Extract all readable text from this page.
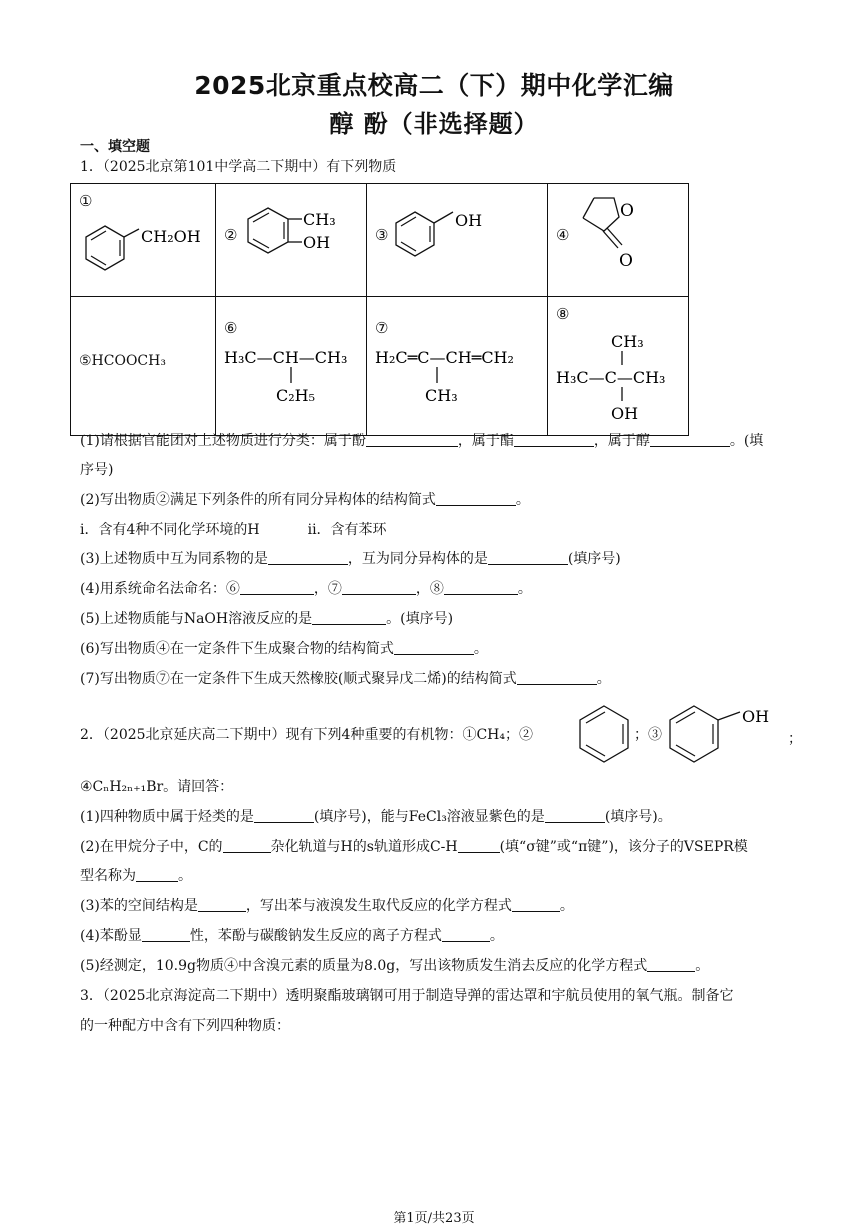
2025北京重点校高二（下）期中化学汇编
醇 酚（非选择题）
一、填空题
1．（2025北京第101中学高二下期中）有下列物质
①
CH₂OH	②
CH₃
OH	③
OH	④
O
O

⑤HCOOCH₃	⑥
H₃C—CH—CH₃
C₂H₅	⑦
H₂C═C—CH═CH₂
CH₃	⑧
CH₃
H₃C—C—CH₃
OH
(1)请根据官能团对上述物质进行分类：属于酚	，属于酯	，属于醇	。(填
序号)
(2)写出物质②满足下列条件的所有同分异构体的结构简式	。
i．含有4种不同化学环境的H	ii．含有苯环
(3)上述物质中互为同系物的是	，互为同分异构体的是	(填序号)
(4)用系统命名法命名：⑥	，⑦	，⑧	。
(5)上述物质能与NaOH溶液反应的是	。(填序号)
(6)写出物质④在一定条件下生成聚合物的结构简式	。
(7)写出物质⑦在一定条件下生成天然橡胶(顺式聚异戊二烯)的结构简式	。
2．（2025北京延庆高二下期中）现有下列4种重要的有机物：①CH₄；②	；③
OH
；
④CₙH₂ₙ₊₁Br。请回答：
(1)四种物质中属于烃类的是	(填序号)，能与FeCl₃溶液显紫色的是	(填序号)。
(2)在甲烷分子中，C的	杂化轨道与H的s轨道形成C-H	(填“σ键”或“π键”)，该分子的VSEPR模
型名称为	。
(3)苯的空间结构是	，写出苯与液溴发生取代反应的化学方程式	。
(4)苯酚显	性，苯酚与碳酸钠发生反应的离子方程式	。
(5)经测定，10.9g物质④中含溴元素的质量为8.0g，写出该物质发生消去反应的化学方程式	。
3．（2025北京海淀高二下期中）透明聚酯玻璃钢可用于制造导弹的雷达罩和宇航员使用的氧气瓶。制备它
的一种配方中含有下列四种物质：
第1页/共23页
